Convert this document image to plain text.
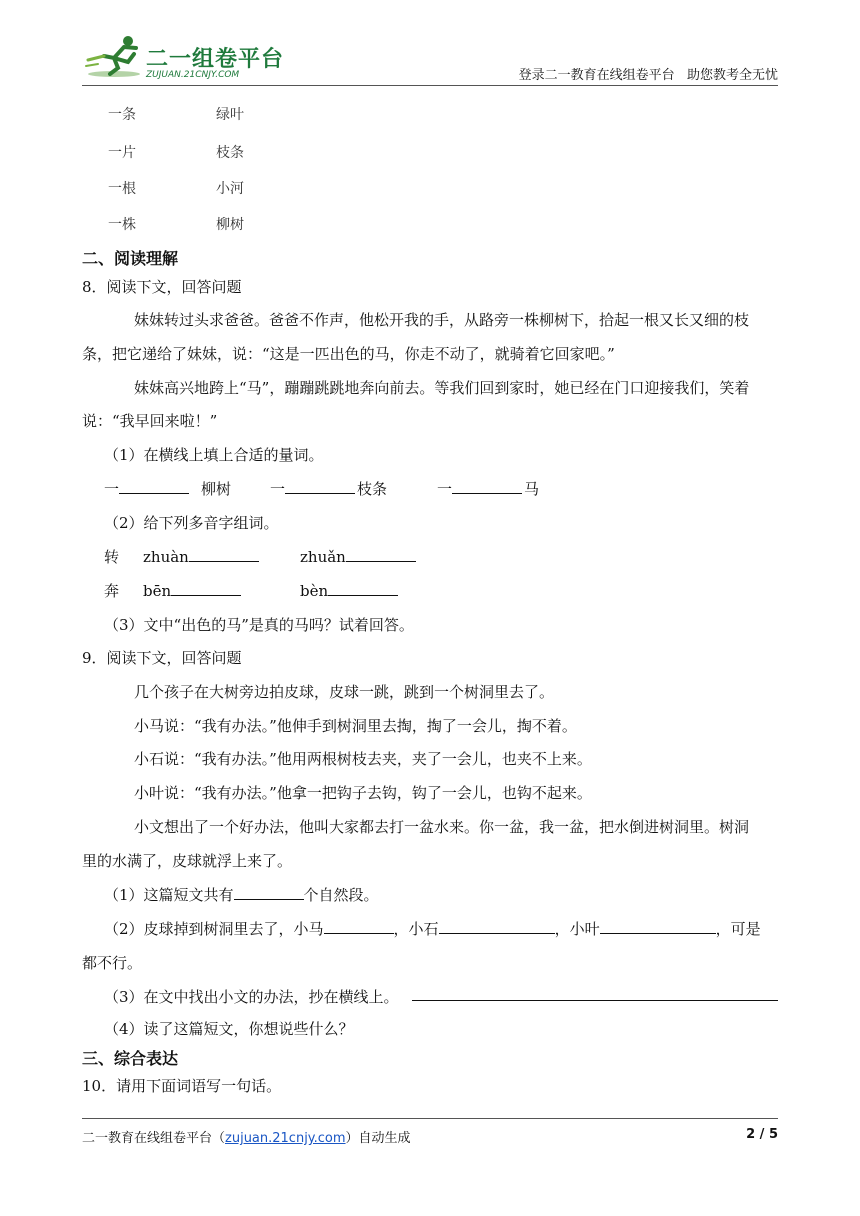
二一组卷平台
ZUJUAN.21CNJY.COM	登录二一教育在线组卷平台   助您教考全无忧
一条	绿叶
一片	枝条
一根	小河
一株	柳树
二、阅读理解
8．阅读下文，回答问题
妹妹转过头求爸爸。爸爸不作声，他松开我的手，从路旁一株柳树下，拾起一根又长又细的枝
条，把它递给了妹妹，说：“这是一匹出色的马，你走不动了，就骑着它回家吧。”
妹妹高兴地跨上“马”，蹦蹦跳跳地奔向前去。等我们回到家时，她已经在门口迎接我们，笑着
说：“我早回来啦！”
（1）在横线上填上合适的量词。
一	柳树	一	枝条	一	马
（2）给下列多音字组词。
转 zhuàn	zhuǎn
奔 bēn	bèn
（3）文中“出色的马”是真的马吗？试着回答。
9．阅读下文，回答问题
几个孩子在大树旁边拍皮球，皮球一跳，跳到一个树洞里去了。
小马说：“我有办法。”他伸手到树洞里去掏，掏了一会儿，掏不着。
小石说：“我有办法。”他用两根树枝去夹，夹了一会儿，也夹不上来。
小叶说：“我有办法。”他拿一把钩子去钩，钩了一会儿，也钩不起来。
小文想出了一个好办法，他叫大家都去打一盆水来。你一盆，我一盆，把水倒进树洞里。树洞
里的水满了，皮球就浮上来了。
（1）这篇短文共有	个自然段。
（2）皮球掉到树洞里去了，小马	，小石	，小叶	，可是
都不行。
（3）在文中找出小文的办法，抄在横线上。
（4）读了这篇短文，你想说些什么？
三、综合表达
10．请用下面词语写一句话。
二一教育在线组卷平台（zujuan.21cnjy.com）自动生成	2 / 5
